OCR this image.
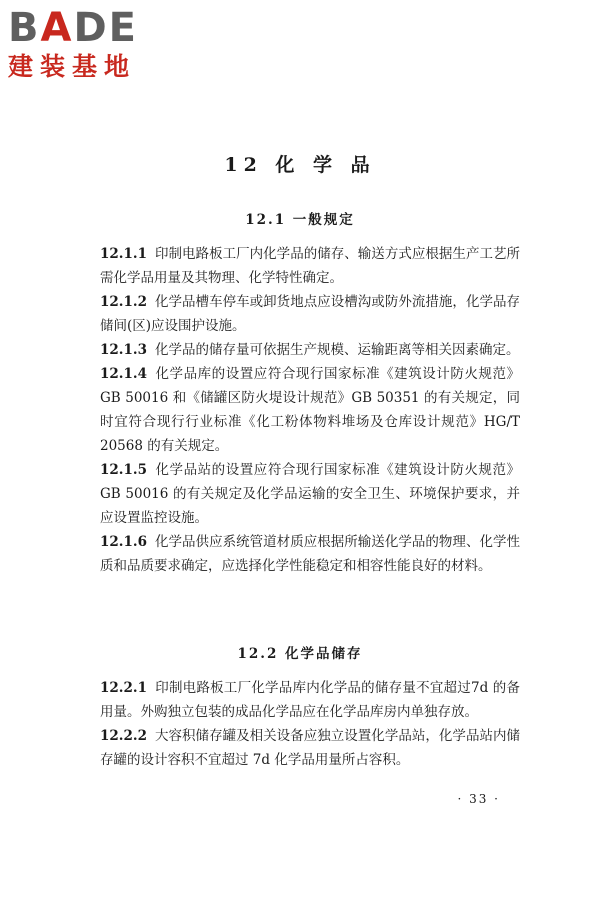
BADE
建装基地
12 化 学 品
12.1 一般规定

12.1.1 印制电路板工厂内化学品的储存、输送方式应根据生产工艺所需化学品用量及其物理、化学特性确定。

12.1.2 化学品槽车停车或卸货地点应设槽沟或防外流措施，化学品存储间(区)应设围护设施。

12.1.3 化学品的储存量可依据生产规模、运输距离等相关因素确定。

12.1.4 化学品库的设置应符合现行国家标准《建筑设计防火规范》GB 50016 和《储罐区防火堤设计规范》GB 50351 的有关规定，同时宜符合现行行业标准《化工粉体物料堆场及仓库设计规范》HG/T 20568 的有关规定。

12.1.5 化学品站的设置应符合现行国家标准《建筑设计防火规范》GB 50016 的有关规定及化学品运输的安全卫生、环境保护要求，并应设置监控设施。

12.1.6 化学品供应系统管道材质应根据所输送化学品的物理、化学性质和品质要求确定，应选择化学性能稳定和相容性能良好的材料。

12.2 化学品储存

12.2.1 印制电路板工厂化学品库内化学品的储存量不宜超过7d 的备用量。外购独立包装的成品化学品应在化学品库房内单独存放。

12.2.2 大容积储存罐及相关设备应独立设置化学品站，化学品站内储存罐的设计容积不宜超过 7d 化学品用量所占容积。

· 33 ·
